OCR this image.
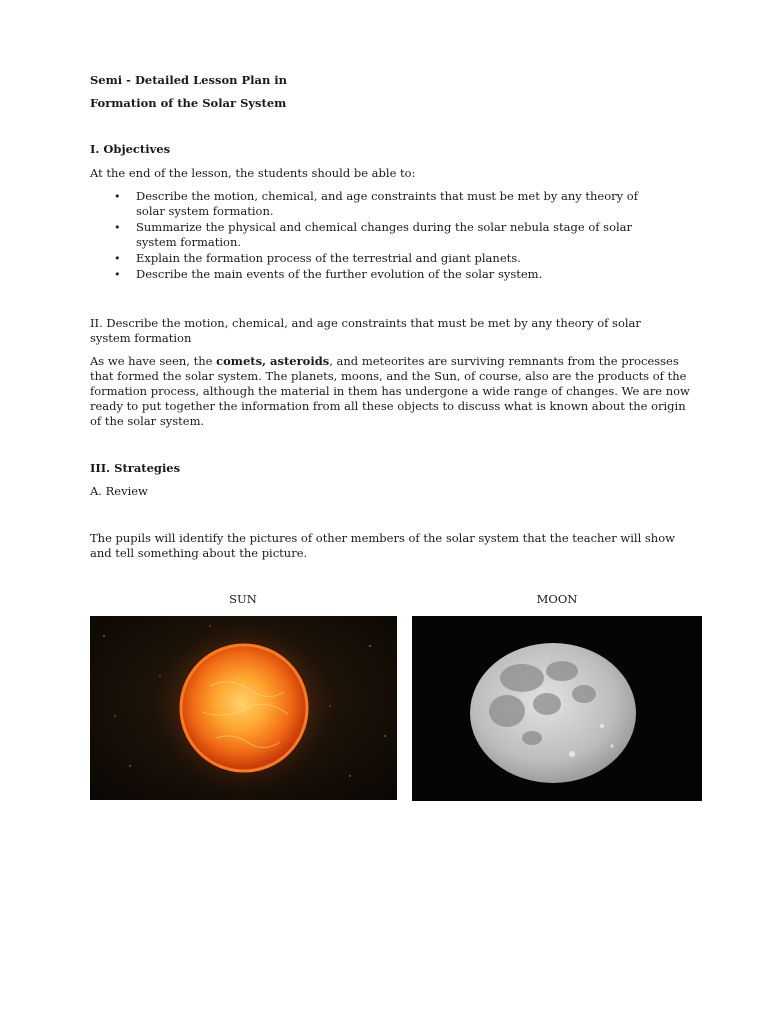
Semi - Detailed Lesson Plan in
Formation of the Solar System
I. Objectives
At the end of the lesson, the students should be able to:
• Describe the motion, chemical, and age constraints that must be met by any theory of solar system formation.
• Summarize the physical and chemical changes during the solar nebula stage of solar system formation.
• Explain the formation process of the terrestrial and giant planets.
• Describe the main events of the further evolution of the solar system.
II. Describe the motion, chemical, and age constraints that must be met by any theory of solar system formation
As we have seen, the comets, asteroids, and meteorites are surviving remnants from the processes that formed the solar system. The planets, moons, and the Sun, of course, also are the products of the formation process, although the material in them has undergone a wide range of changes. We are now ready to put together the information from all these objects to discuss what is known about the origin of the solar system.
III. Strategies
A. Review
The pupils will identify the pictures of other members of the solar system that the teacher will show and tell something about the picture.
SUN	MOON
